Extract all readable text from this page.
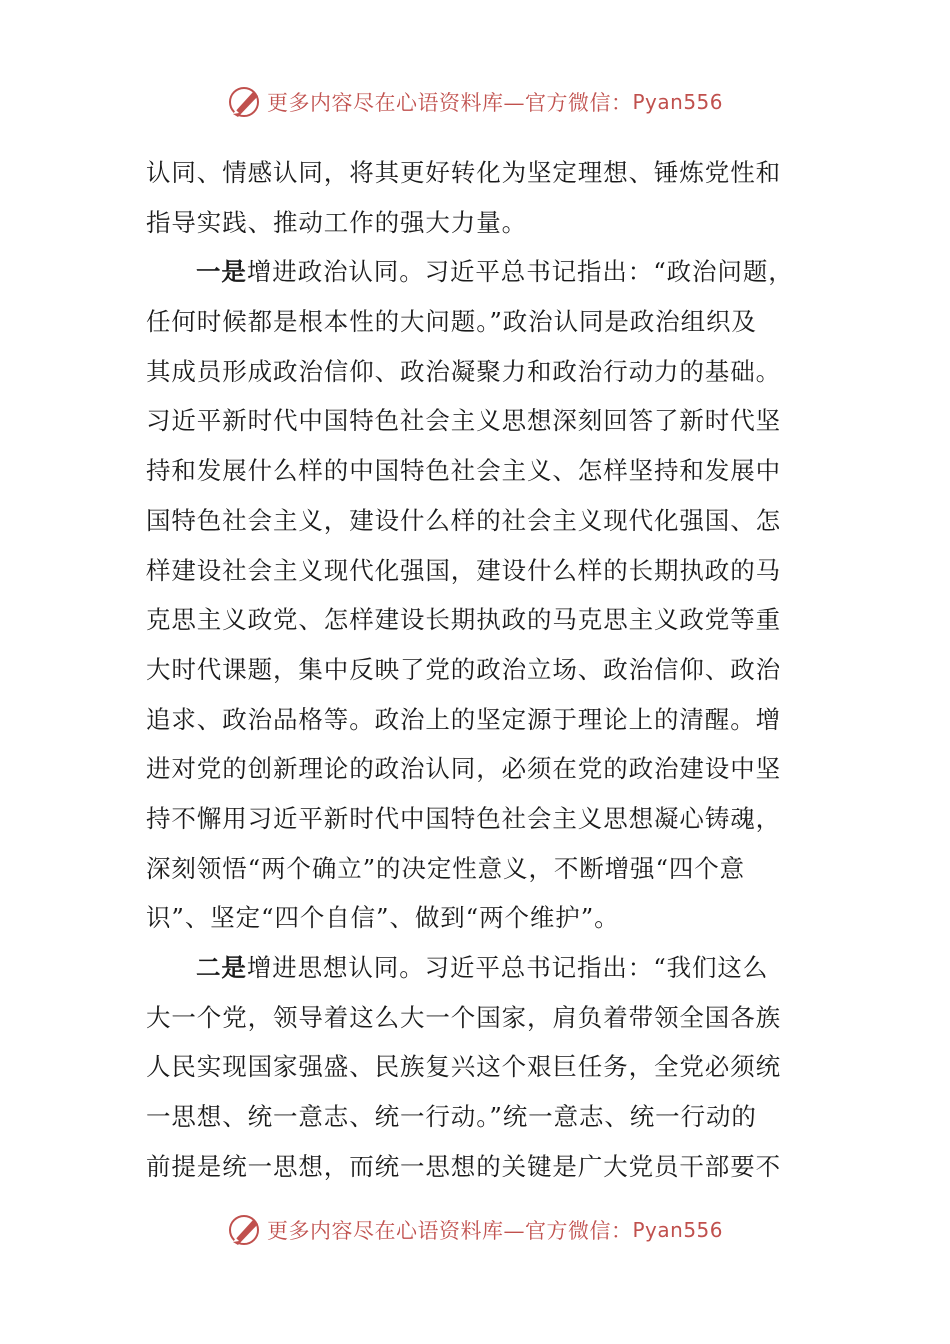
更多内容尽在心语资料库—官方微信： Pyan556
认同、情感认同，将其更好转化为坚定理想、锤炼党性和
指导实践、推动工作的强大力量。
一是增进政治认同。习近平总书记指出：“政治问题，
任何时候都是根本性的大问题。”政治认同是政治组织及
其成员形成政治信仰、政治凝聚力和政治行动力的基础。
习近平新时代中国特色社会主义思想深刻回答了新时代坚
持和发展什么样的中国特色社会主义、怎样坚持和发展中
国特色社会主义，建设什么样的社会主义现代化强国、怎
样建设社会主义现代化强国，建设什么样的长期执政的马
克思主义政党、怎样建设长期执政的马克思主义政党等重
大时代课题，集中反映了党的政治立场、政治信仰、政治
追求、政治品格等。政治上的坚定源于理论上的清醒。增
进对党的创新理论的政治认同，必须在党的政治建设中坚
持不懈用习近平新时代中国特色社会主义思想凝心铸魂，
深刻领悟“两个确立”的决定性意义，不断增强“四个意
识”、坚定“四个自信”、做到“两个维护”。
二是增进思想认同。习近平总书记指出：“我们这么
大一个党，领导着这么大一个国家，肩负着带领全国各族
人民实现国家强盛、民族复兴这个艰巨任务，全党必须统
一思想、统一意志、统一行动。”统一意志、统一行动的
前提是统一思想，而统一思想的关键是广大党员干部要不
更多内容尽在心语资料库—官方微信： Pyan556
